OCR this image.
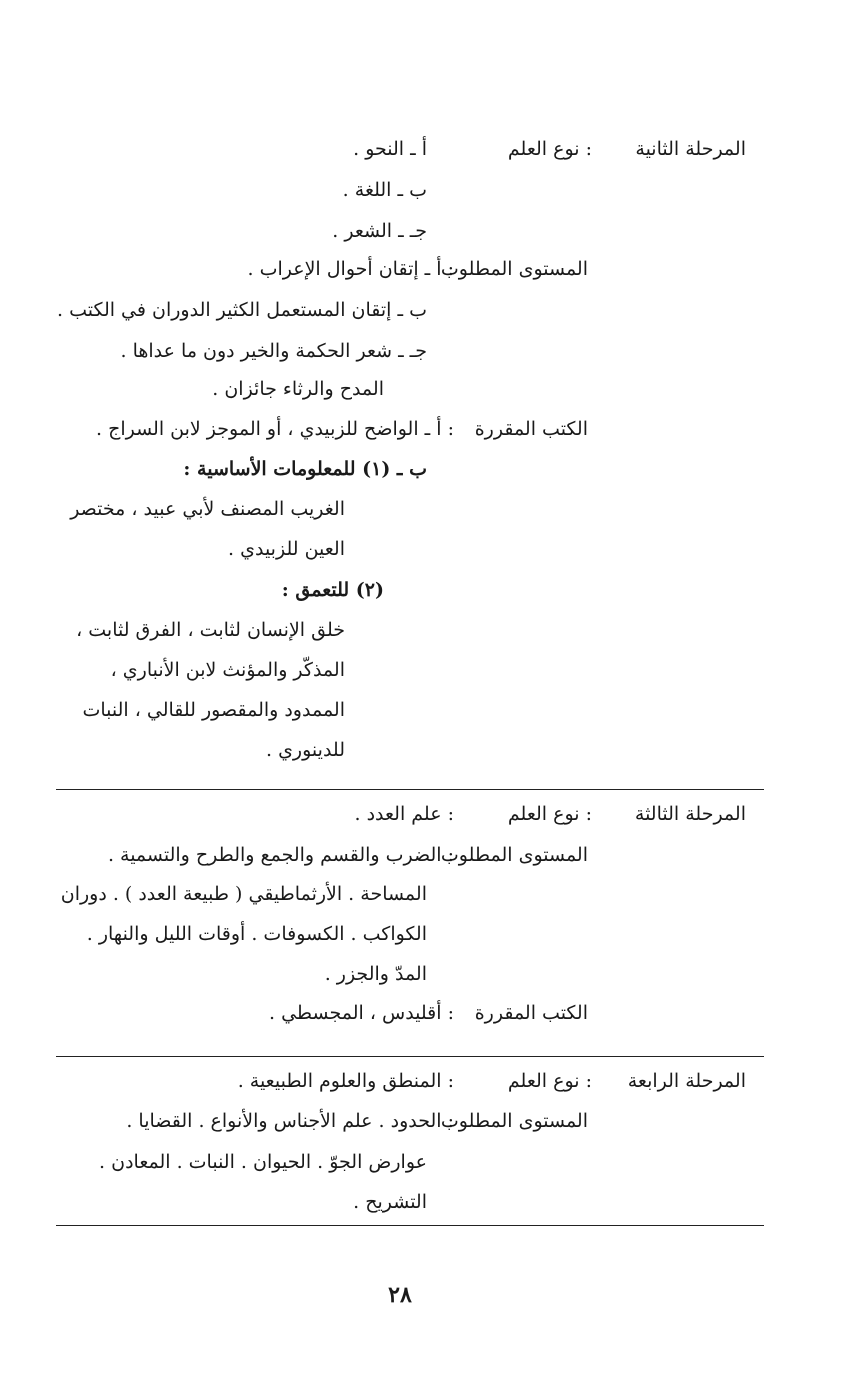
المرحلة الثانية
: نوع العلم
أ ـ النحو .
ب ـ اللغة .
جـ ـ الشعر .
المستوى المطلوب
: أ ـ إتقان أحوال الإعراب .
ب ـ إتقان المستعمل الكثير الدوران في الكتب .
جـ ـ شعر الحكمة والخير دون ما عداها .
المدح والرثاء جائزان .
الكتب المقررة
: أ ـ الواضح للزبيدي ، أو الموجز لابن السراج .
ب ـ (١) للمعلومات الأساسية :
الغريب المصنف لأبي عبيد ، مختصر
العين للزبيدي .
(٢) للتعمق :
خلق الإنسان لثابت ، الفرق لثابت ،
المذكّر والمؤنث لابن الأنباري ،
الممدود والمقصور للقالي ، النبات
للدينوري .
المرحلة الثالثة
: نوع العلم
: علم العدد .
المستوى المطلوب
: الضرب والقسم والجمع والطرح والتسمية .
المساحة . الأرثماطيقي ( طبيعة العدد ) . دوران
الكواكب . الكسوفات . أوقات الليل والنهار .
المدّ والجزر .
الكتب المقررة
: أقليدس ، المجسطي .
المرحلة الرابعة
: نوع العلم
: المنطق والعلوم الطبيعية .
المستوى المطلوب
: الحدود . علم الأجناس والأنواع . القضايا .
عوارض الجوّ . الحيوان . النبات . المعادن .
التشريح .
٢٨
